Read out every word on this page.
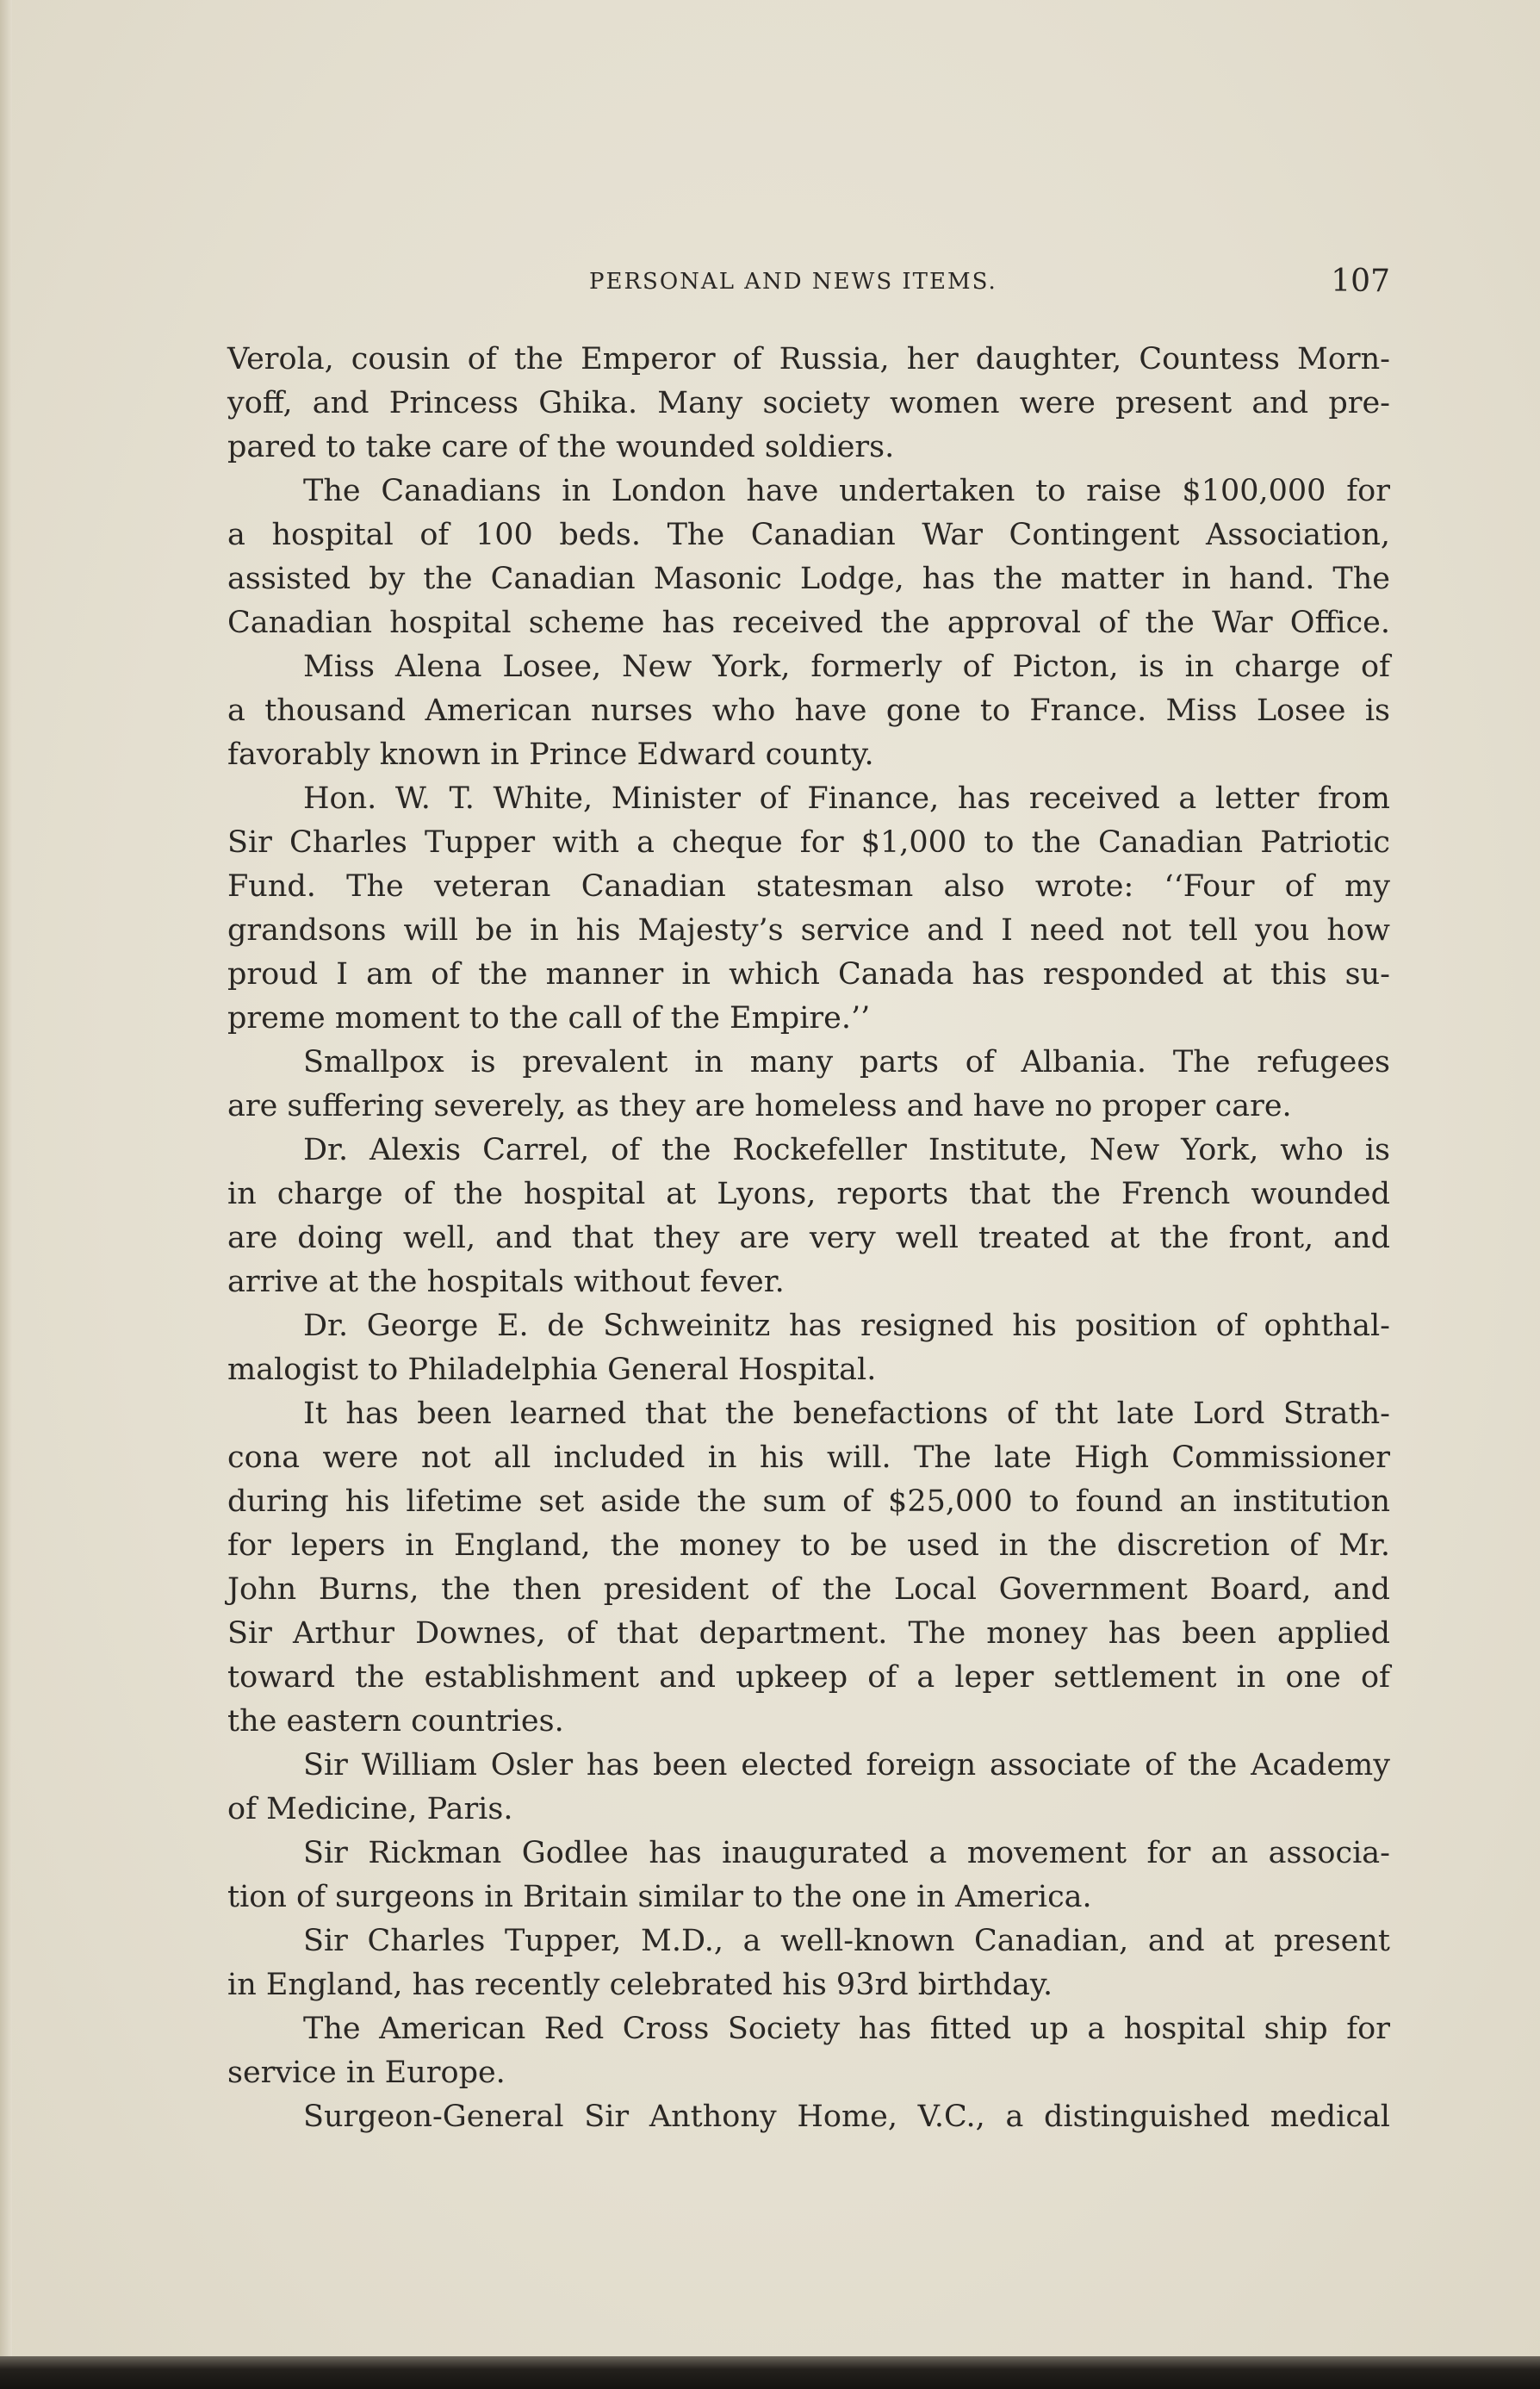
PERSONAL AND NEWS ITEMS.	107
Verola, cousin of the Emperor of Russia, her daughter, Countess Morn-
yoff, and Princess Ghika. Many society women were present and pre-
pared to take care of the wounded soldiers.
The Canadians in London have undertaken to raise $100,000 for
a hospital of 100 beds. The Canadian War Contingent Association,
assisted by the Canadian Masonic Lodge, has the matter in hand. The
Canadian hospital scheme has received the approval of the War Office.
Miss Alena Losee, New York, formerly of Picton, is in charge of
a thousand American nurses who have gone to France. Miss Losee is
favorably known in Prince Edward county.
Hon. W. T. White, Minister of Finance, has received a letter from
Sir Charles Tupper with a cheque for $1,000 to the Canadian Patriotic
Fund. The veteran Canadian statesman also wrote: ‘‘Four of my
grandsons will be in his Majesty’s service and I need not tell you how
proud I am of the manner in which Canada has responded at this su-
preme moment to the call of the Empire.’’
Smallpox is prevalent in many parts of Albania. The refugees
are suffering severely, as they are homeless and have no proper care.
Dr. Alexis Carrel, of the Rockefeller Institute, New York, who is
in charge of the hospital at Lyons, reports that the French wounded
are doing well, and that they are very well treated at the front, and
arrive at the hospitals without fever.
Dr. George E. de Schweinitz has resigned his position of ophthal-
malogist to Philadelphia General Hospital.
It has been learned that the benefactions of tht late Lord Strath-
cona were not all included in his will. The late High Commissioner
during his lifetime set aside the sum of $25,000 to found an institution
for lepers in England, the money to be used in the discretion of Mr.
John Burns, the then president of the Local Government Board, and
Sir Arthur Downes, of that department. The money has been applied
toward the establishment and upkeep of a leper settlement in one of
the eastern countries.
Sir William Osler has been elected foreign associate of the Academy
of Medicine, Paris.
Sir Rickman Godlee has inaugurated a movement for an associa-
tion of surgeons in Britain similar to the one in America.
Sir Charles Tupper, M.D., a well-known Canadian, and at present
in England, has recently celebrated his 93rd birthday.
The American Red Cross Society has fitted up a hospital ship for
service in Europe.
Surgeon-General Sir Anthony Home, V.C., a distinguished medical
